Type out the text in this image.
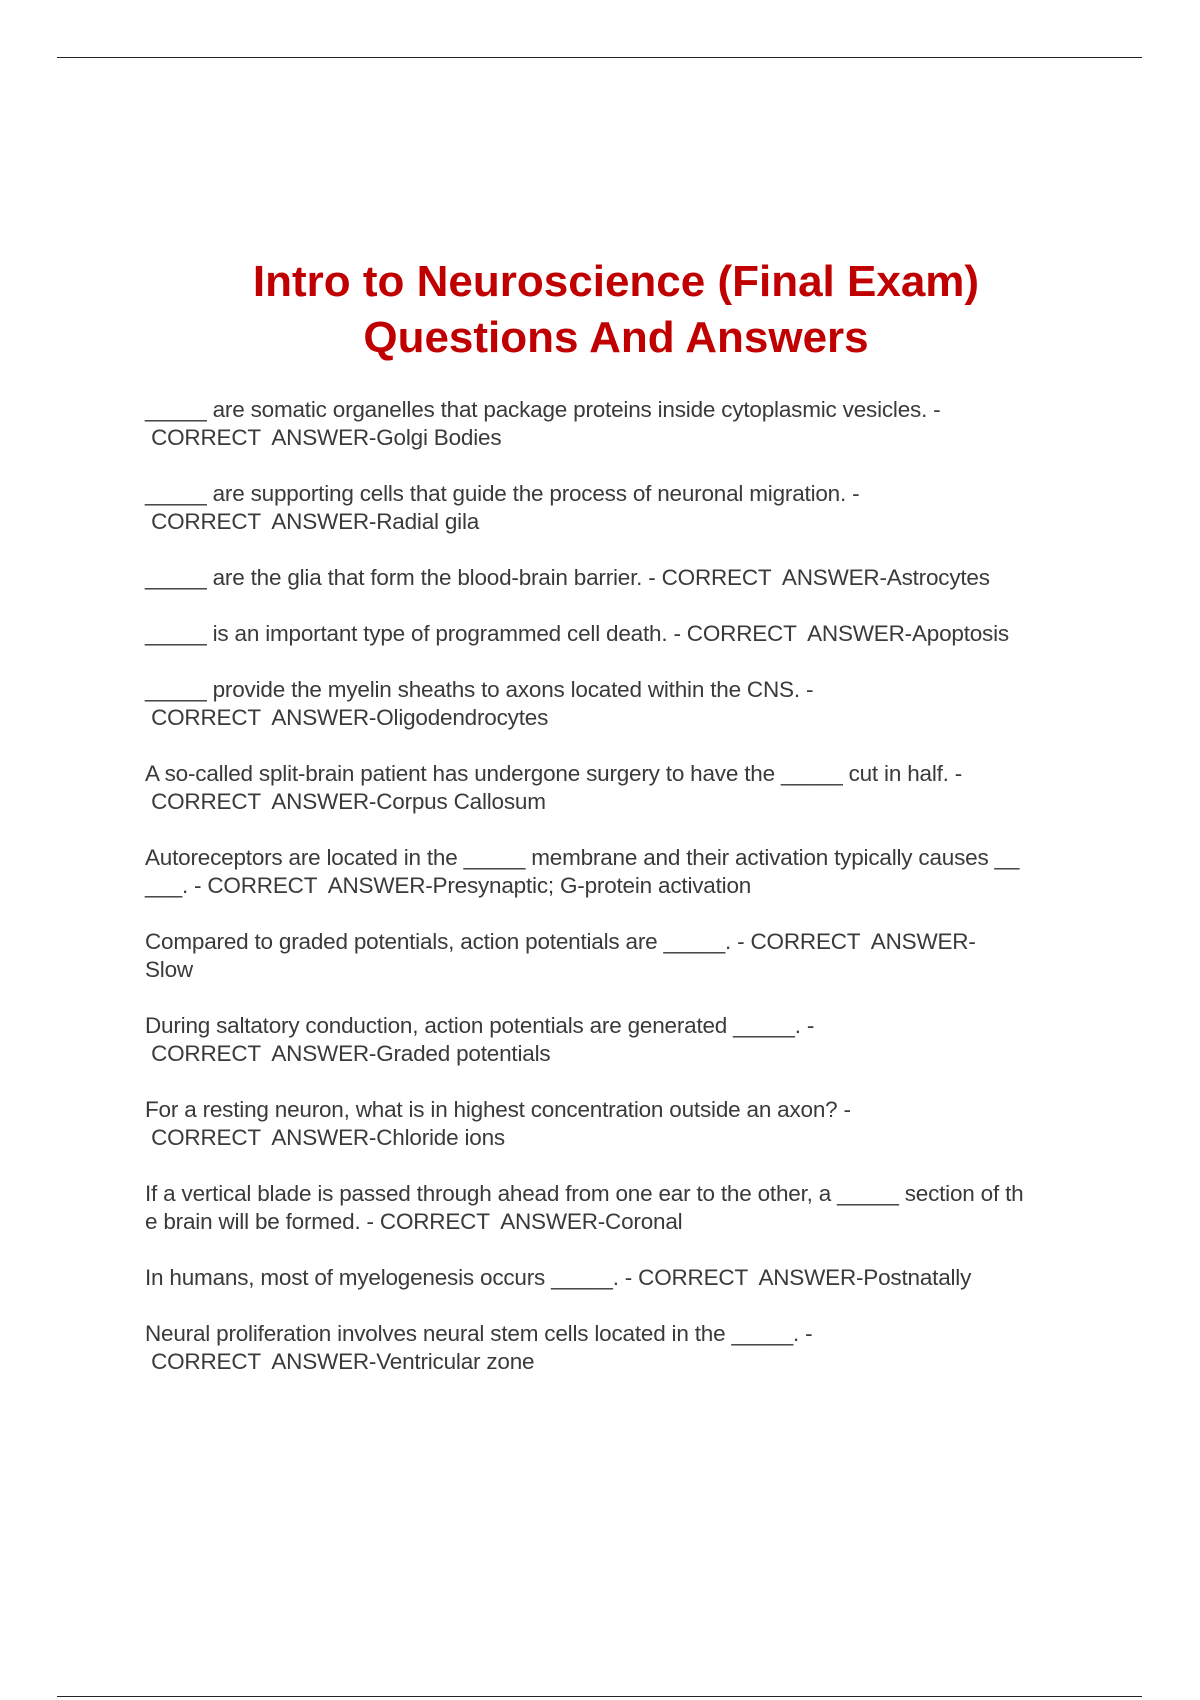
Intro to Neuroscience (Final Exam)
Questions And Answers

_____ are somatic organelles that package proteins inside cytoplasmic vesicles. -
CORRECT  ANSWER-Golgi Bodies

_____ are supporting cells that guide the process of neuronal migration. -
CORRECT  ANSWER-Radial gila

_____ are the glia that form the blood-brain barrier. - CORRECT  ANSWER-Astrocytes

_____ is an important type of programmed cell death. - CORRECT  ANSWER-Apoptosis

_____ provide the myelin sheaths to axons located within the CNS. -
CORRECT  ANSWER-Oligodendrocytes

A so-called split-brain patient has undergone surgery to have the _____ cut in half. -
CORRECT  ANSWER-Corpus Callosum

Autoreceptors are located in the _____ membrane and their activation typically causes __
___. - CORRECT  ANSWER-Presynaptic; G-protein activation

Compared to graded potentials, action potentials are _____. - CORRECT  ANSWER-
Slow

During saltatory conduction, action potentials are generated _____. -
CORRECT  ANSWER-Graded potentials

For a resting neuron, what is in highest concentration outside an axon? -
CORRECT  ANSWER-Chloride ions

If a vertical blade is passed through ahead from one ear to the other, a _____ section of th
e brain will be formed. - CORRECT  ANSWER-Coronal

In humans, most of myelogenesis occurs _____. - CORRECT  ANSWER-Postnatally

Neural proliferation involves neural stem cells located in the _____. -
CORRECT  ANSWER-Ventricular zone
